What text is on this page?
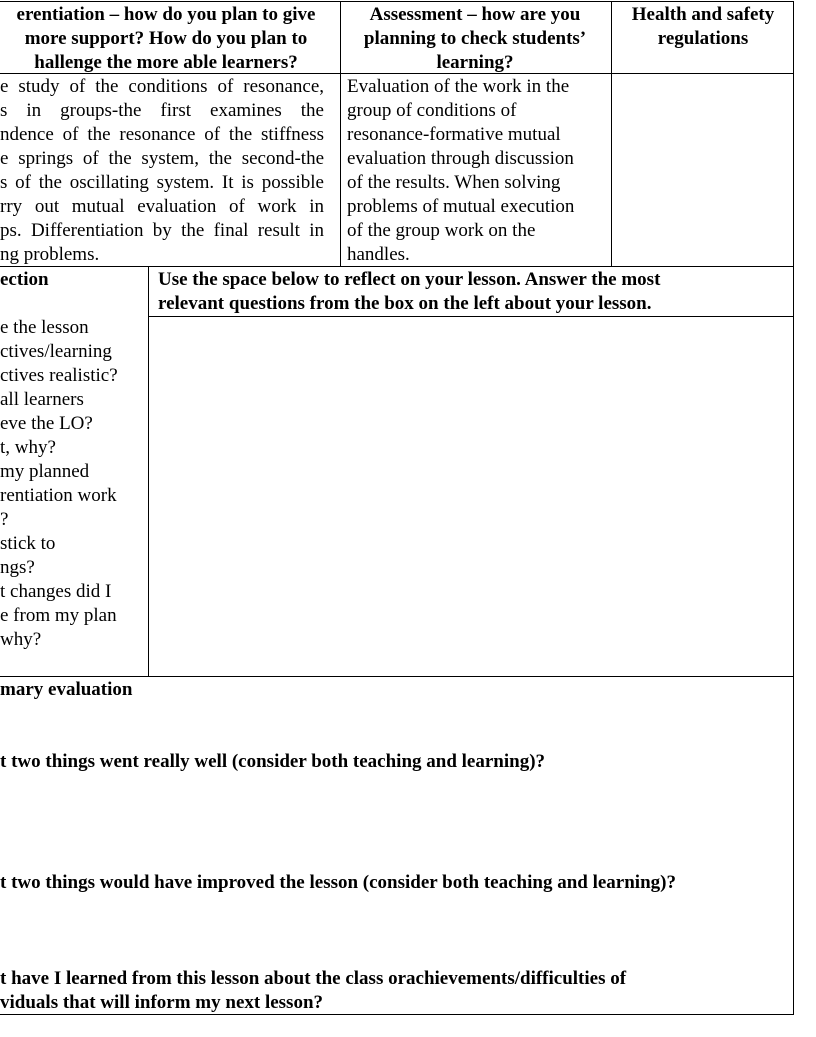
erentiation – how do you plan to give
more support? How do you plan to
hallenge the more able learners?
Assessment – how are you
planning to check students’
learning?
Health and safety
regulations
e study of the conditions of resonance,
s in groups-the first examines the
ndence of the resonance of the stiffness
e springs of the system, the second-the
s of the oscillating system. It is possible
rry out mutual evaluation of work in
ps. Differentiation by the final result in
ng problems.
Evaluation of the work in the
group of conditions of
resonance-formative mutual
evaluation through discussion
of the results. When solving
problems of mutual execution
of the group work on the
handles.
ection	Use the space below to reflect on your lesson. Answer the most
relevant questions from the box on the left about your lesson.
e the lesson
ctives/learning
ctives realistic?
all learners
eve the LO?
t, why?
my planned
rentiation work
?
stick to
ngs?
t changes did I
e from my plan
why?
mary evaluation
t two things went really well (consider both teaching and learning)?
t two things would have improved the lesson (consider both teaching and learning)?
t have I learned from this lesson about the class orachievements/difficulties of
viduals that will inform my next lesson?
